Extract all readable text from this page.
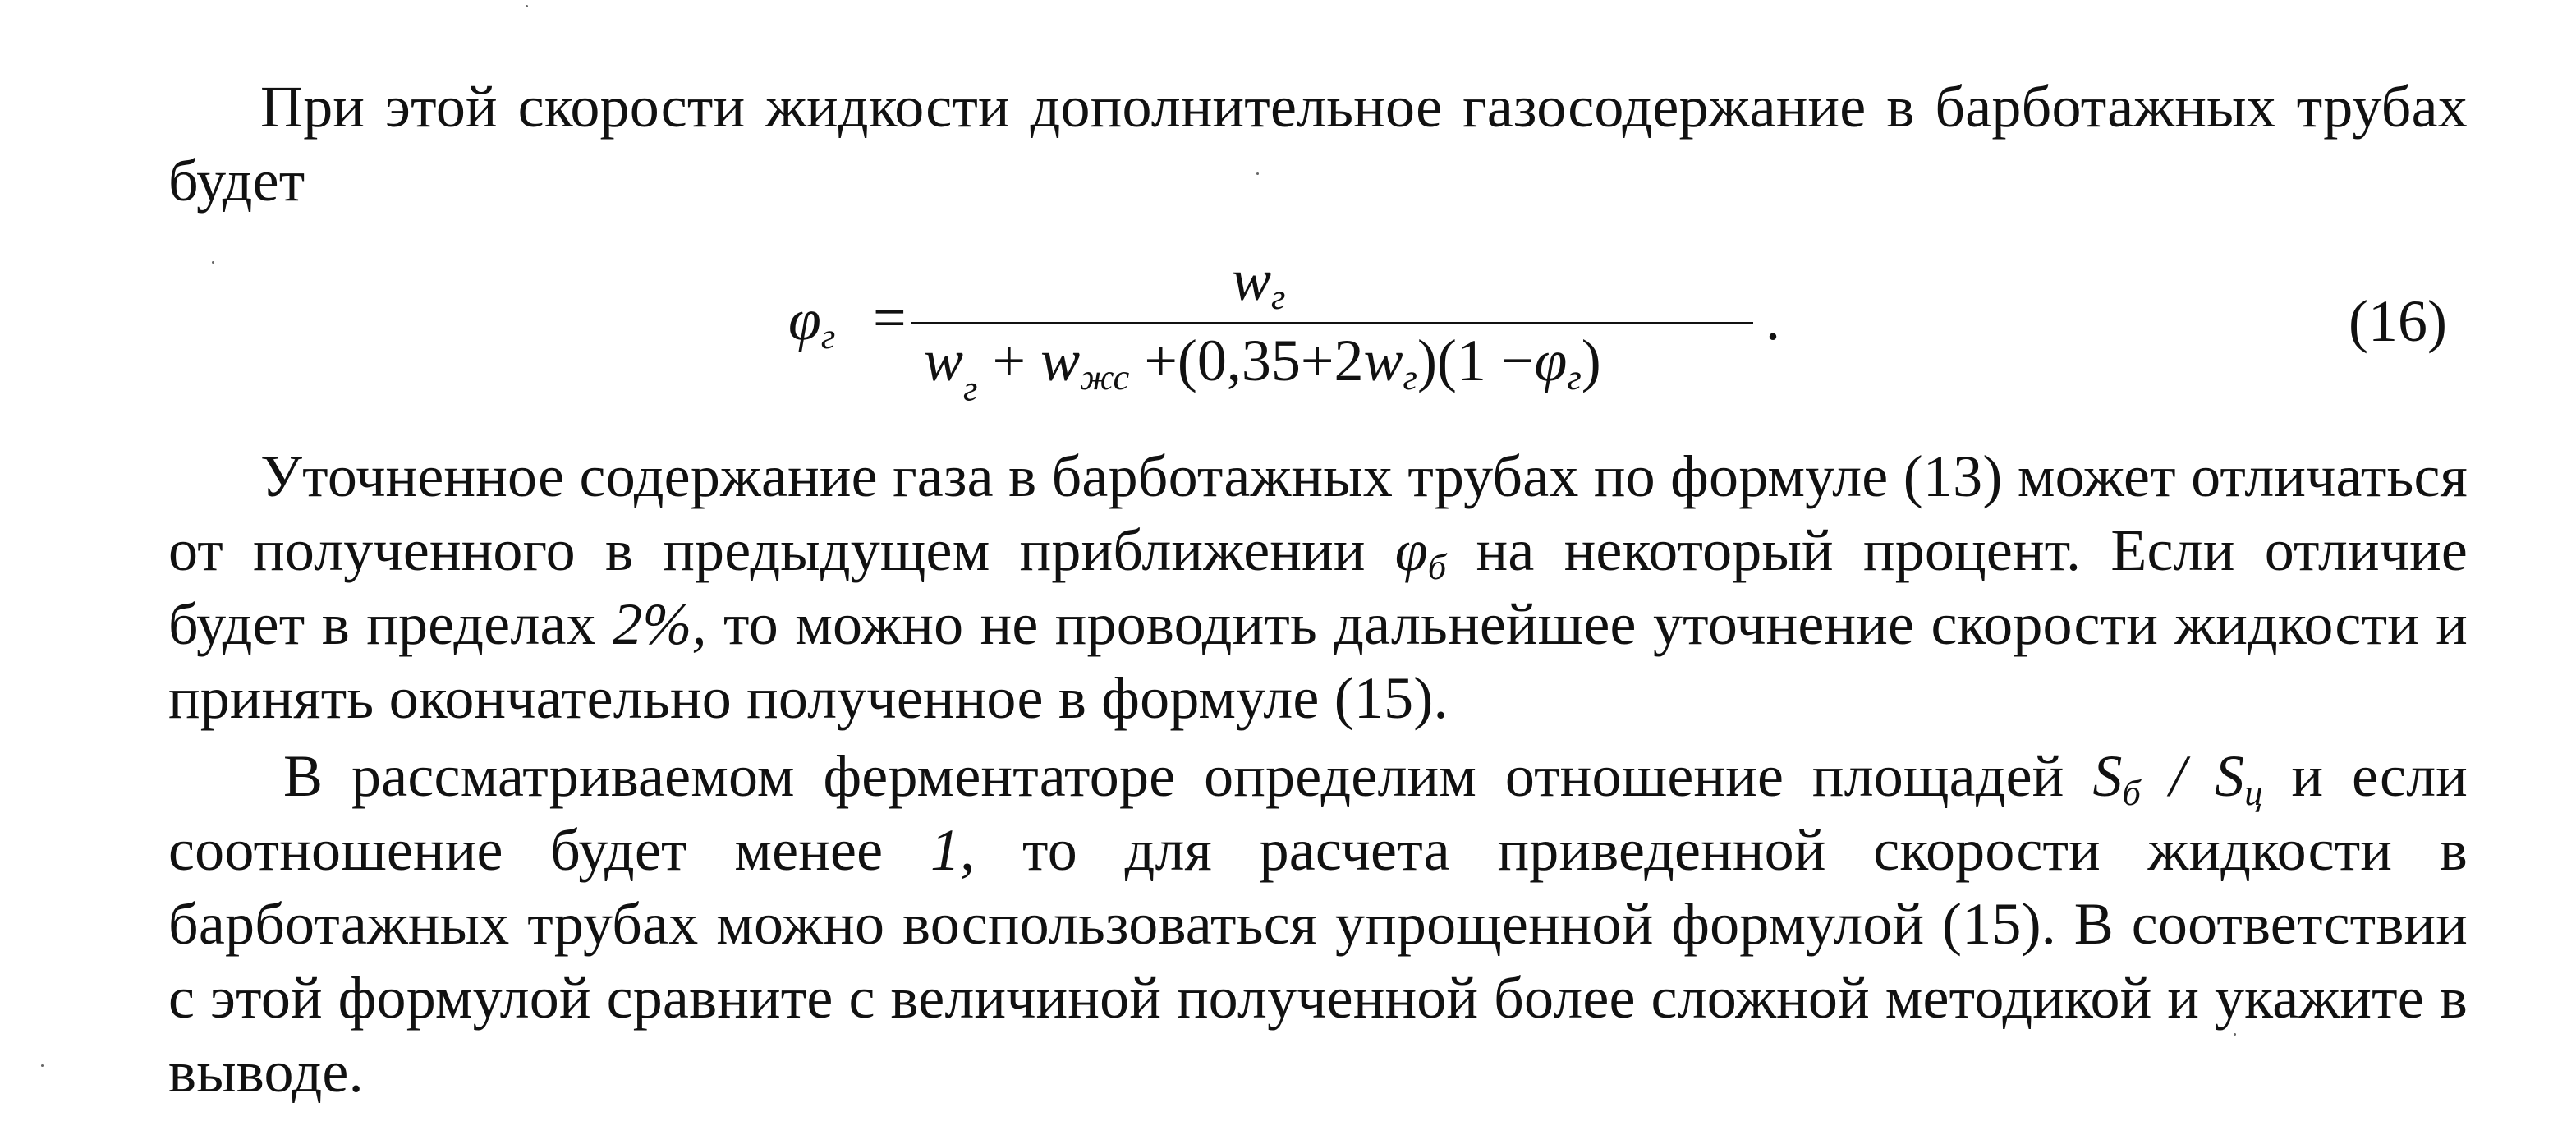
При этой скорости жидкости дополнительное газосодержание в барботажных трубах будет
$\varphi_г$ =
$w_г$
$w_г + w_{жс} +(0,35+2w_г)(1 -\varphi_г)$
.	(16)
Уточненное содержание газа в барботажных трубах по формуле (13) может отличаться от полученного в предыдущем приближении $\varphi_б$ на некоторый процент. Если отличие будет в пределах 2%, то можно не проводить дальнейшее уточнение скорости жидкости и принять окончательно полученное в формуле (15).
В рассматриваемом ферментаторе определим отношение площадей $S_б / S_ц$ и если соотношение будет менее 1, то для расчета приведенной скорости жидкости в барботажных трубах можно воспользоваться упрощенной формулой (15). В соответствии с этой формулой сравните с величиной полученной более сложной методикой и укажите в выводе.
